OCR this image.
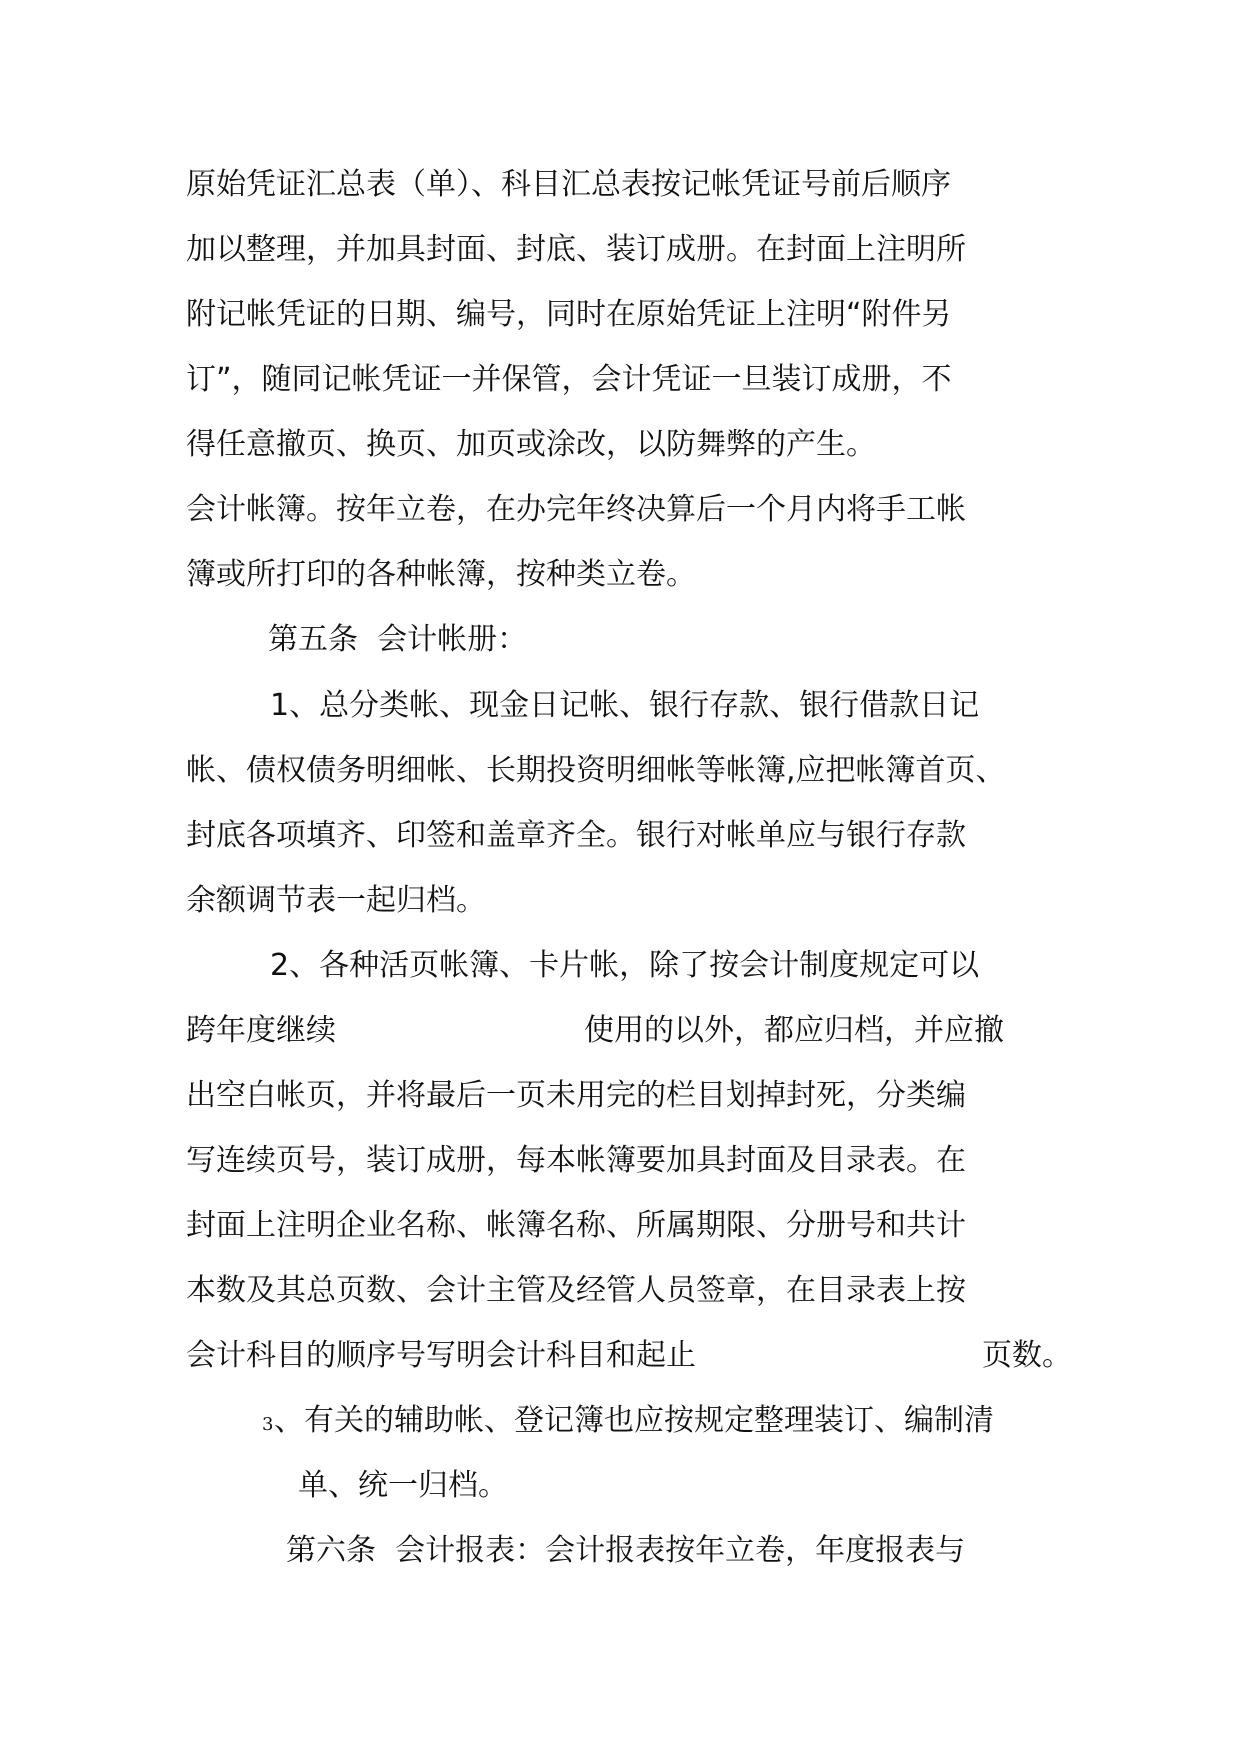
原始凭证汇总表（单）、科目汇总表按记帐凭证号前后顺序
加以整理，并加具封面、封底、装订成册。在封面上注明所
附记帐凭证的日期、编号，同时在原始凭证上注明“附件另
订”，随同记帐凭证一并保管，会计凭证一旦装订成册，不
得任意撤页、换页、加页或涂改，以防舞弊的产生。
会计帐簿。按年立卷，在办完年终决算后一个月内将手工帐
簿或所打印的各种帐簿，按种类立卷。
第五条  会计帐册：
1、总分类帐、现金日记帐、银行存款、银行借款日记
帐、债权债务明细帐、长期投资明细帐等帐簿,应把帐簿首页、
封底各项填齐、印签和盖章齐全。银行对帐单应与银行存款
余额调节表一起归档。
2、各种活页帐簿、卡片帐，除了按会计制度规定可以
跨年度继续	使用的以外，都应归档，并应撤
出空白帐页，并将最后一页未用完的栏目划掉封死，分类编
写连续页号，装订成册，每本帐簿要加具封面及目录表。在
封面上注明企业名称、帐簿名称、所属期限、分册号和共计
本数及其总页数、会计主管及经管人员签章，在目录表上按
会计科目的顺序号写明会计科目和起止	页数。
3 、有关的辅助帐、登记簿也应按规定整理装订、编制清
单、统一归档。
第六条  会计报表：会计报表按年立卷，年度报表与
